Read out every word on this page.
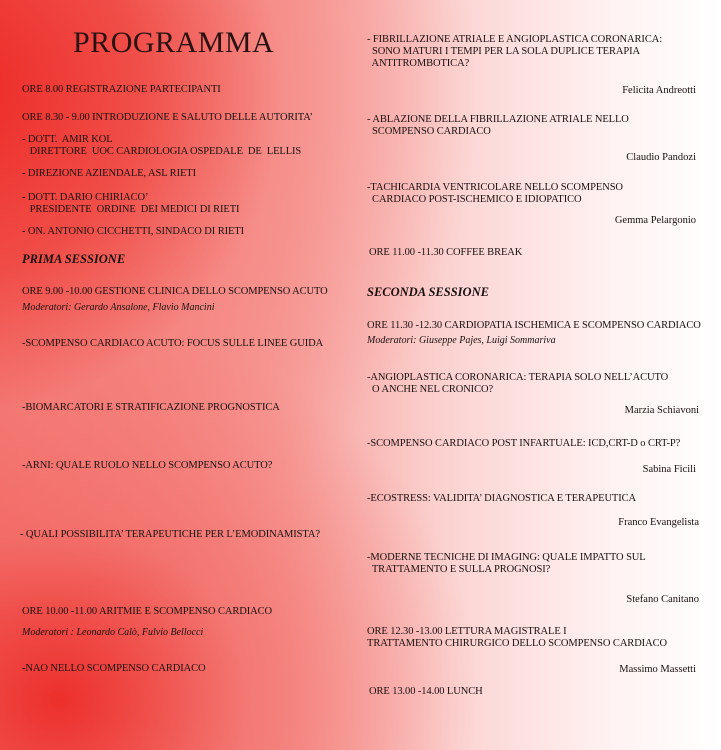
PROGRAMMA
ORE 8.00 REGISTRAZIONE PARTECIPANTI
ORE 8.30 - 9.00 INTRODUZIONE E SALUTO DELLE AUTORITA’
- DOTT.  AMIR KOL
DIRETTORE  UOC CARDIOLOGIA OSPEDALE  DE  LELLIS
- DIREZIONE AZIENDALE, ASL RIETI
- DOTT. DARIO CHIRIACO’
PRESIDENTE  ORDINE  DEI MEDICI DI RIETI
- ON. ANTONIO CICCHETTI, SINDACO DI RIETI
PRIMA SESSIONE
ORE 9.00 -10.00 GESTIONE CLINICA DELLO SCOMPENSO ACUTO
Moderatori: Gerardo Ansalone, Flavio Mancini
-SCOMPENSO CARDIACO ACUTO: FOCUS SULLE LINEE GUIDA
-BIOMARCATORI E STRATIFICAZIONE PROGNOSTICA
-ARNI: QUALE RUOLO NELLO SCOMPENSO ACUTO?
- QUALI POSSIBILITA’ TERAPEUTICHE PER L’EMODINAMISTA?
ORE 10.00 -11.00 ARITMIE E SCOMPENSO CARDIACO
Moderatori : Leonardo Calò, Fulvio Bellocci
-NAO NELLO SCOMPENSO CARDIACO
- FIBRILLAZIONE ATRIALE E ANGIOPLASTICA CORONARICA:
SONO MATURI I TEMPI PER LA SOLA DUPLICE TERAPIA
ANTITROMBOTICA?
Felicita Andreotti
- ABLAZIONE DELLA FIBRILLAZIONE ATRIALE NELLO
SCOMPENSO CARDIACO
Claudio Pandozi
-TACHICARDIA VENTRICOLARE NELLO SCOMPENSO
CARDIACO POST-ISCHEMICO E IDIOPATICO
Gemma Pelargonio
ORE 11.00 -11.30 COFFEE BREAK
SECONDA SESSIONE
ORE 11.30 -12.30 CARDIOPATIA ISCHEMICA E SCOMPENSO CARDIACO
Moderatori: Giuseppe Pajes, Luigi Sommariva
-ANGIOPLASTICA CORONARICA: TERAPIA SOLO NELL’ACUTO
O ANCHE NEL CRONICO?
Marzia Schiavoni
-SCOMPENSO CARDIACO POST INFARTUALE: ICD,CRT-D o CRT-P?
Sabina Ficili
-ECOSTRESS: VALIDITA’ DIAGNOSTICA E TERAPEUTICA
Franco Evangelista
-MODERNE TECNICHE DI IMAGING: QUALE IMPATTO SUL
TRATTAMENTO E SULLA PROGNOSI?
Stefano Canitano
ORE 12.30 -13.00 LETTURA MAGISTRALE I
TRATTAMENTO CHIRURGICO DELLO SCOMPENSO CARDIACO
Massimo Massetti
ORE 13.00 -14.00 LUNCH
